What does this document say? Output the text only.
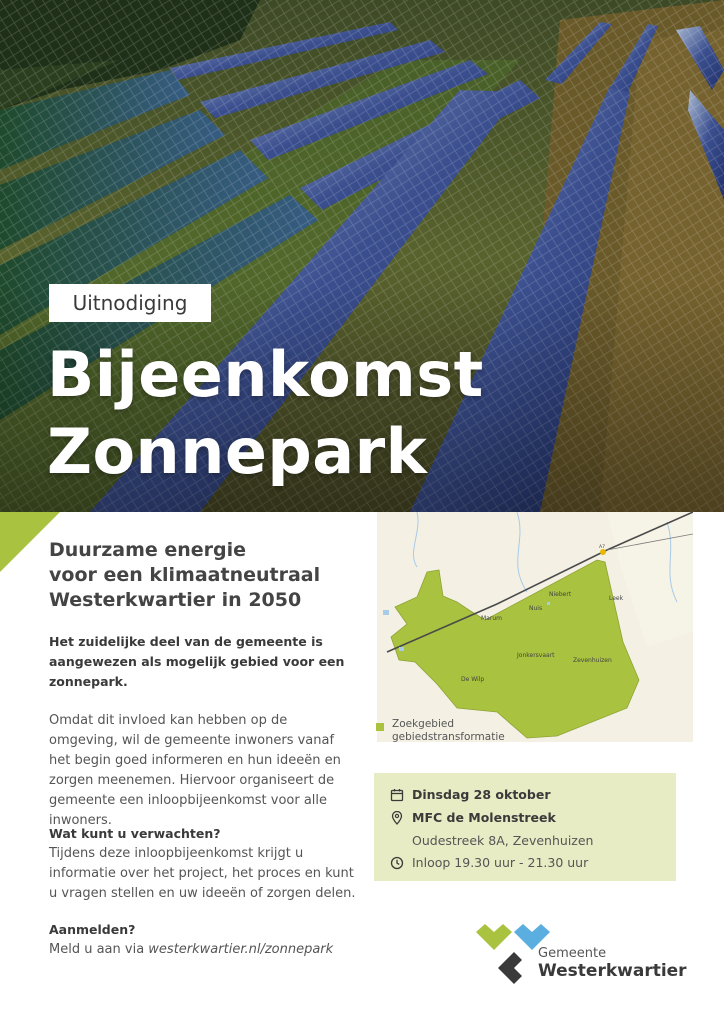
Uitnodiging
Bijeenkomst
Zonnepark
Duurzame energie
voor een klimaatneutraal
Westerkwartier in 2050

Het zuidelijke deel van de gemeente is aangewezen als mogelijk gebied voor een zonnepark.

Omdat dit invloed kan hebben op de omgeving, wil de gemeente inwoners vanaf het begin goed informeren en hun ideeën en zorgen meenemen. Hiervoor organiseert de gemeente een inloopbijeenkomst voor alle inwoners.

Wat kunt u verwachten?

Tijdens deze inloopbijeenkomst krijgt u informatie over het project, het proces en kunt u vragen stellen en uw ideeën of zorgen delen.

Aanmelden?

Meld u aan via westerkwartier.nl/zonnepark

Leek
Niebert
Nuis
Marum
Jonkersvaart
Zevenhuizen
De Wilp
A7
Zoekgebied
gebiedstransformatie
Dinsdag 28 oktober
MFC de Molenstreek
Oudestreek 8A, Zevenhuizen
Inloop 19.30 uur - 21.30 uur
Gemeente
Westerkwartier
